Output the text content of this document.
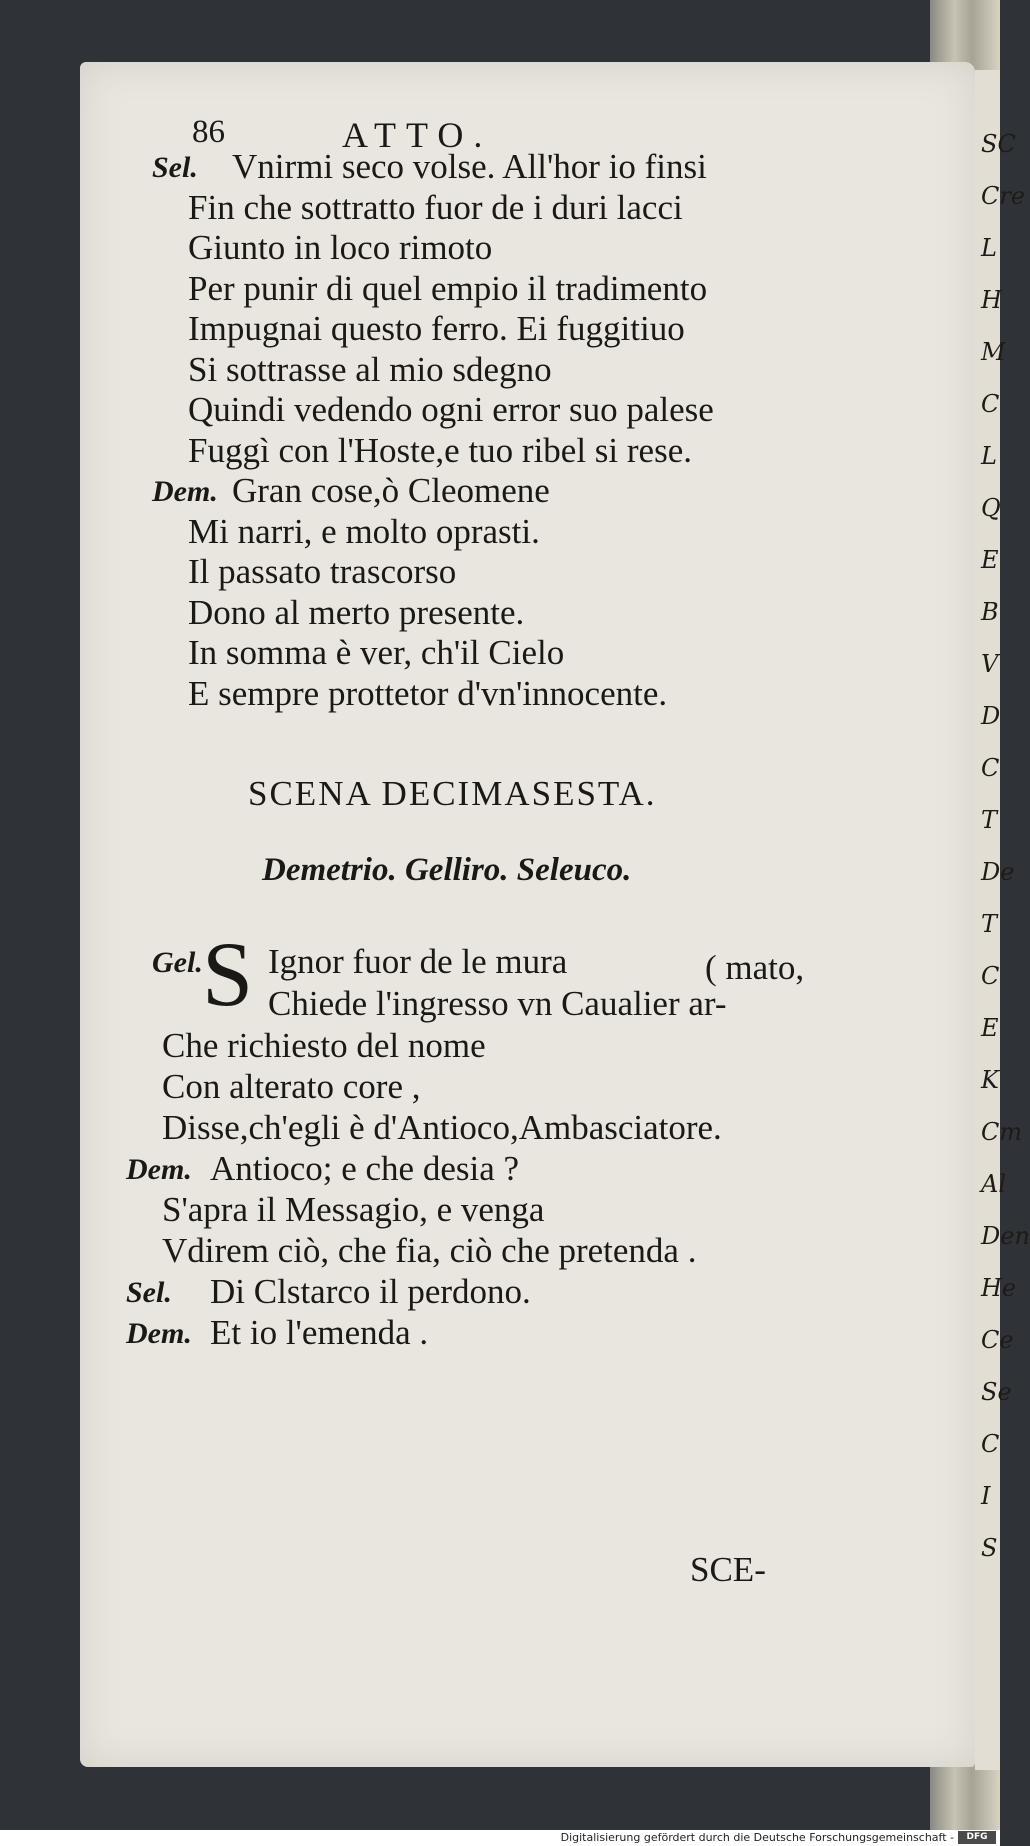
SC
Cre
L
H
M
C
L
Q
E
B
V
D
C
T
De
T
C
E
K
Cm
Al
Den
He
Ce
Se
C
I
S
86	ATTO.
Sel. Vnirmi seco volse. All'hor io finsi
Fin che sottratto fuor de i duri lacci
Giunto in loco rimoto
Per punir di quel empio il tradimento
Impugnai questo ferro. Ei fuggitiuo
Si sottrasse al mio sdegno
Quindi vedendo ogni error suo palese
Fuggì con l'Hoste,e tuo ribel si rese.
Dem. Gran cose,ò Cleomene
Mi narri, e molto oprasti.
Il passato trascorso
Dono al merto presente.
In somma è ver, ch'il Cielo
E sempre prottetor d'vn'innocente.
SCENA DECIMASESTA.
Demetrio. Gelliro. Seleuco.
Gel. S Ignor fuor de le mura	( mato,
Chiede l'ingresso vn Caualier ar-
Che richiesto del nome
Con alterato core ,
Disse,ch'egli è d'Antioco,Ambasciatore.
Dem. Antioco; e che desia ?
S'apra il Messagio, e venga
Vdirem ciò, che fia, ciò che pretenda .
Sel. Di Clstarco il perdono.
Dem. Et io l'emenda .
SCE-
Digitalisierung gefördert durch die Deutsche Forschungsgemeinschaft -	DFG
